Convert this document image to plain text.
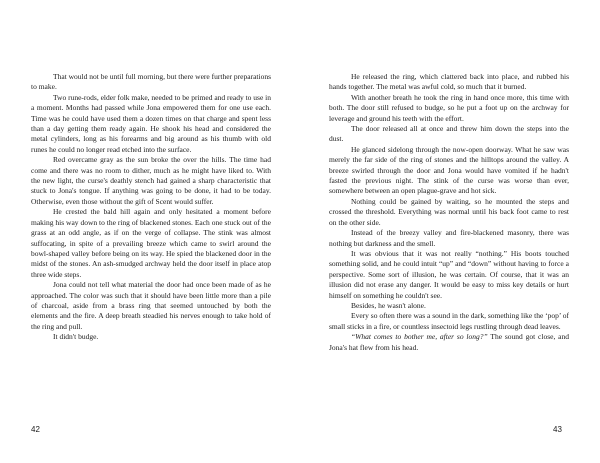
That would not be until full morning, but there were further preparations to make.

Two rune-rods, elder folk make, needed to be primed and ready to use in a moment. Months had passed while Jona empowered them for one use each. Time was he could have used them a dozen times on that charge and spent less than a day getting them ready again. He shook his head and considered the metal cylinders, long as his forearms and big around as his thumb with old runes he could no longer read etched into the surface.

Red overcame gray as the sun broke the over the hills. The time had come and there was no room to dither, much as he might have liked to. With the new light, the curse's deathly stench had gained a sharp characteristic that stuck to Jona's tongue. If anything was going to be done, it had to be today. Otherwise, even those without the gift of Scent would suffer.

He crested the bald hill again and only hesitated a moment before making his way down to the ring of blackened stones. Each one stuck out of the grass at an odd angle, as if on the verge of collapse. The stink was almost suffocating, in spite of a prevailing breeze which came to swirl around the bowl-shaped valley before being on its way. He spied the blackened door in the midst of the stones. An ash-smudged archway held the door itself in place atop three wide steps.

Jona could not tell what material the door had once been made of as he approached. The color was such that it should have been little more than a pile of charcoal, aside from a brass ring that seemed untouched by both the elements and the fire. A deep breath steadied his nerves enough to take hold of the ring and pull.

It didn't budge.

He released the ring, which clattered back into place, and rubbed his hands together. The metal was awful cold, so much that it burned.

With another breath he took the ring in hand once more, this time with both. The door still refused to budge, so he put a foot up on the archway for leverage and ground his teeth with the effort.

The door released all at once and threw him down the steps into the dust.

He glanced sidelong through the now-open doorway. What he saw was merely the far side of the ring of stones and the hilltops around the valley. A breeze swirled through the door and Jona would have vomited if he hadn't fasted the previous night. The stink of the curse was worse than ever, somewhere between an open plague-grave and hot sick.

Nothing could be gained by waiting, so he mounted the steps and crossed the threshold. Everything was normal until his back foot came to rest on the other side.

Instead of the breezy valley and fire-blackened masonry, there was nothing but darkness and the smell.

It was obvious that it was not really “nothing.” His boots touched something solid, and he could intuit “up” and “down” without having to force a perspective. Some sort of illusion, he was certain. Of course, that it was an illusion did not erase any danger. It would be easy to miss key details or hurt himself on something he couldn't see.

Besides, he wasn't alone.

Every so often there was a sound in the dark, something like the ‘pop’ of small sticks in a fire, or countless insectoid legs rustling through dead leaves.

“What comes to bother me, after so long?” The sound got close, and Jona's hat flew from his head.

42	43
